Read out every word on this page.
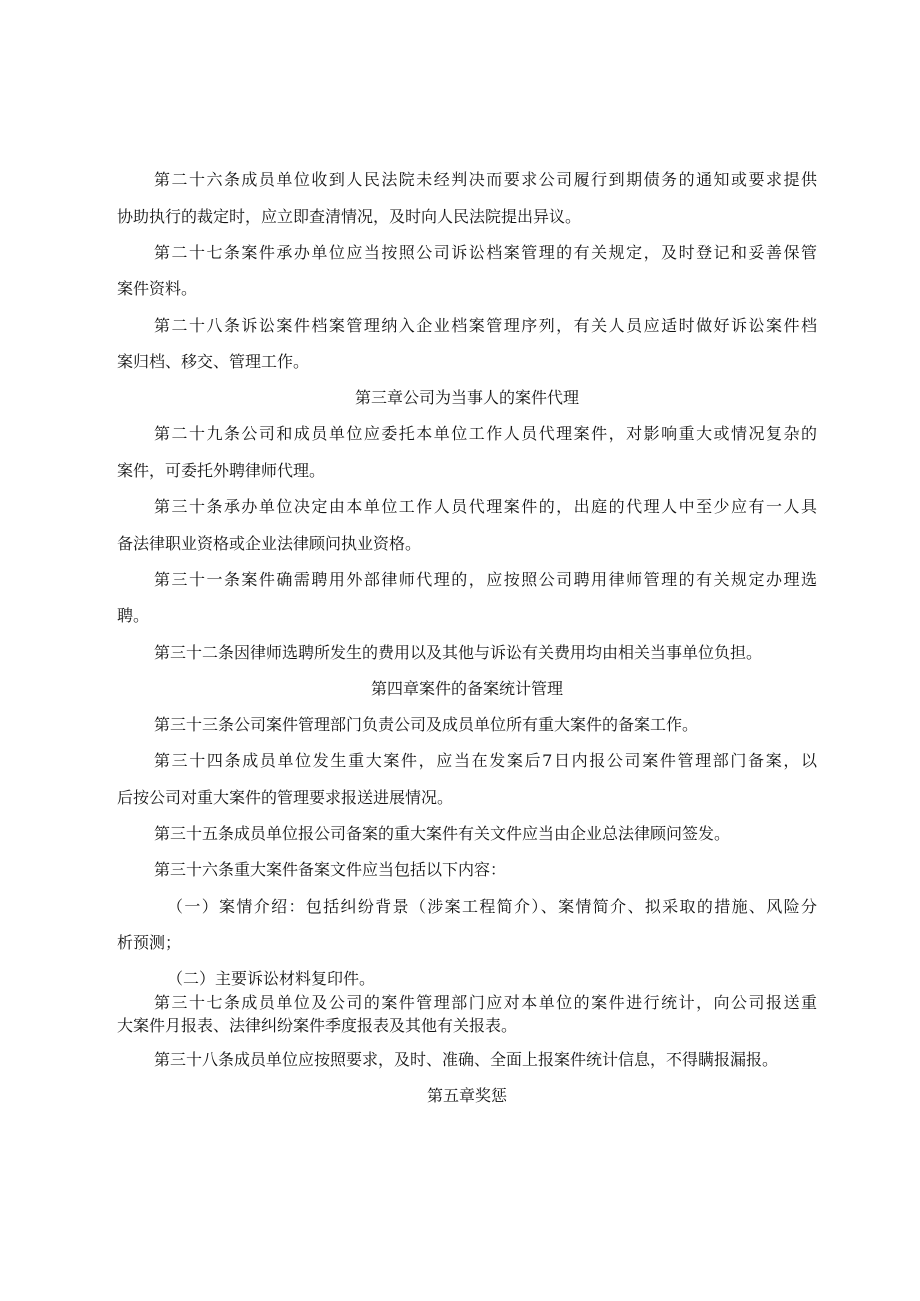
第二十六条成员单位收到人民法院未经判决而要求公司履行到期债务的通知或要求提供
协助执行的裁定时，应立即查清情况，及时向人民法院提出异议。
第二十七条案件承办单位应当按照公司诉讼档案管理的有关规定，及时登记和妥善保管
案件资料。
第二十八条诉讼案件档案管理纳入企业档案管理序列，有关人员应适时做好诉讼案件档
案归档、移交、管理工作。
第三章公司为当事人的案件代理
第二十九条公司和成员单位应委托本单位工作人员代理案件，对影响重大或情况复杂的
案件，可委托外聘律师代理。
第三十条承办单位决定由本单位工作人员代理案件的，出庭的代理人中至少应有一人具
备法律职业资格或企业法律顾问执业资格。
第三十一条案件确需聘用外部律师代理的，应按照公司聘用律师管理的有关规定办理选
聘。
第三十二条因律师选聘所发生的费用以及其他与诉讼有关费用均由相关当事单位负担。
第四章案件的备案统计管理
第三十三条公司案件管理部门负责公司及成员单位所有重大案件的备案工作。
第三十四条成员单位发生重大案件，应当在发案后7日内报公司案件管理部门备案，以
后按公司对重大案件的管理要求报送进展情况。
第三十五条成员单位报公司备案的重大案件有关文件应当由企业总法律顾问签发。
第三十六条重大案件备案文件应当包括以下内容：
（一）案情介绍：包括纠纷背景（涉案工程简介）、案情简介、拟采取的措施、风险分
析预测；
（二）主要诉讼材料复印件。
第三十七条成员单位及公司的案件管理部门应对本单位的案件进行统计，向公司报送重
大案件月报表、法律纠纷案件季度报表及其他有关报表。
第三十八条成员单位应按照要求，及时、准确、全面上报案件统计信息，不得瞒报漏报。
第五章奖惩
